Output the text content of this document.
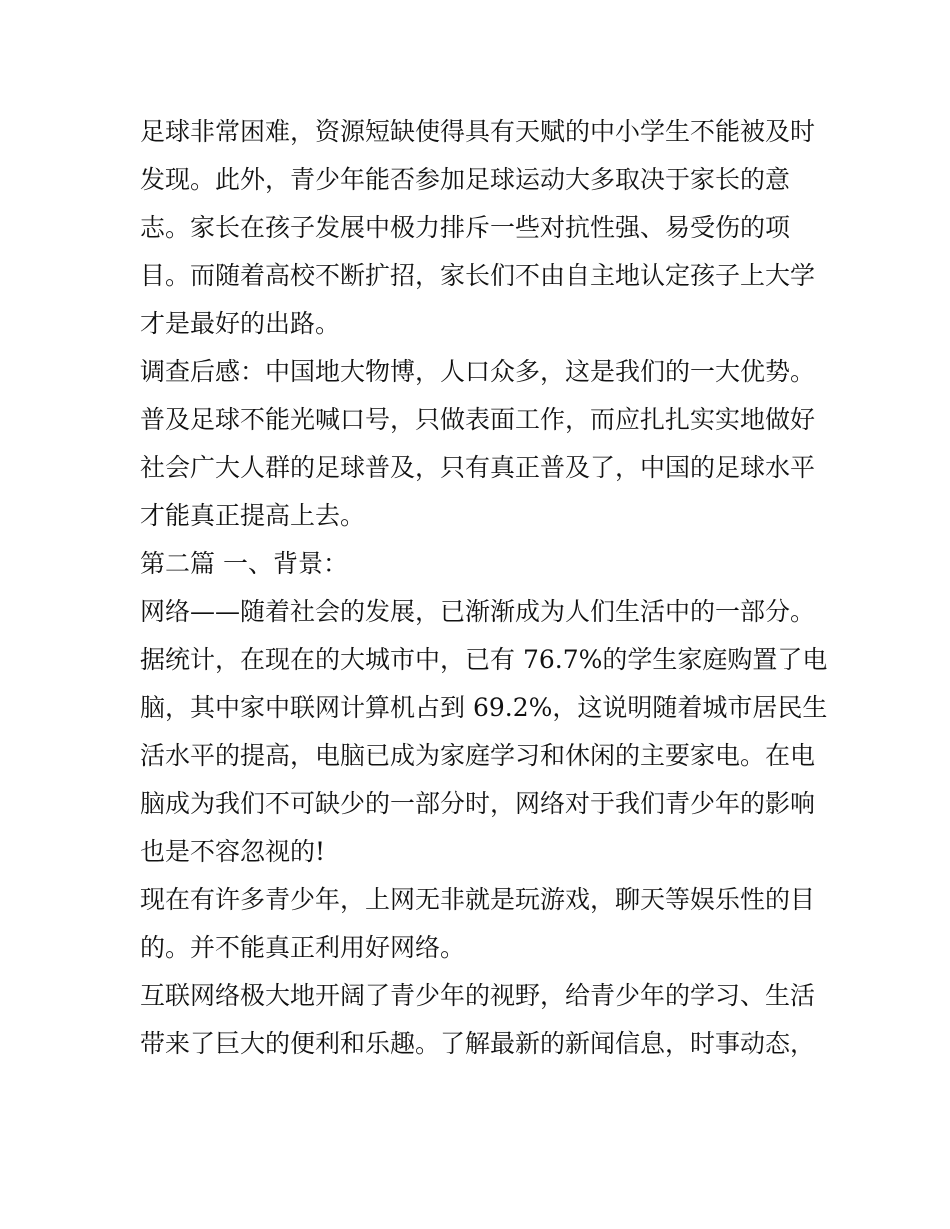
足球非常困难，资源短缺使得具有天赋的中小学生不能被及时
发现。此外，青少年能否参加足球运动大多取决于家长的意
志。家长在孩子发展中极力排斥一些对抗性强、易受伤的项
目。而随着高校不断扩招，家长们不由自主地认定孩子上大学
才是最好的出路。
调查后感：中国地大物博，人口众多，这是我们的一大优势。
普及足球不能光喊口号，只做表面工作，而应扎扎实实地做好
社会广大人群的足球普及，只有真正普及了，中国的足球水平
才能真正提高上去。
第二篇 一、背景：
网络——随着社会的发展，已渐渐成为人们生活中的一部分。
据统计，在现在的大城市中，已有 76.7%的学生家庭购置了电
脑，其中家中联网计算机占到 69.2%，这说明随着城市居民生
活水平的提高，电脑已成为家庭学习和休闲的主要家电。在电
脑成为我们不可缺少的一部分时，网络对于我们青少年的影响
也是不容忽视的!
现在有许多青少年，上网无非就是玩游戏，聊天等娱乐性的目
的。并不能真正利用好网络。
互联网络极大地开阔了青少年的视野，给青少年的学习、生活
带来了巨大的便利和乐趣。了解最新的新闻信息，时事动态，
